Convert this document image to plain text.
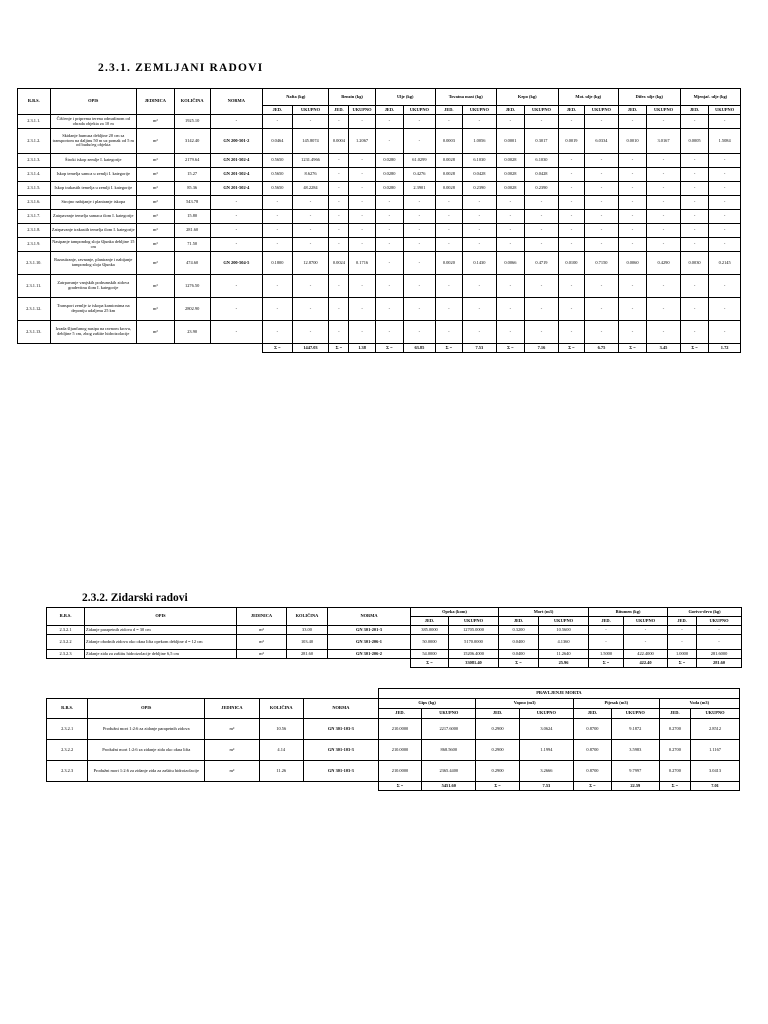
2.3.1. ZEMLJANI RADOVI
R.B.S.	OPIS	JEDINICA	KOLIČINA	NORMA	Nafta (kg)		Benzin (kg)		Ulje (kg)		Tovatna mast (kg)		Kepo (kg)		Mot. ulje (kg)		Difer. ulje (kg)		Mjenjač. ulje (kg)	
					JED.	UKUPNO	JED.	UKUPNO	JED.	UKUPNO	JED.	UKUPNO	JED.	UKUPNO	JED.	UKUPNO	JED.	UKUPNO	JED.	UKUPNO
2.3.1.1.	Čišćenje i priprema terena odmašinom od obrada objekta za 10 m	m²	1925.10	-	-	-	-	-	-	-	-	-	-	-	-	-	-	-	-	-
2.3.1.2.	Skidanje humusa debljine 20 cm sa transportom na daljinu 50 m uz pomak od 5 m od budućeg objekta	m²	3142.40	GN 200-501-2	0.0464	145.8074	0.0004	1.2067	-	-	0.0003	1.0056	0.0001	0.3017	0.0019	6.0334	0.0010	3.0167	0.0005	1.5084
2.3.1.3.	Široki iskop zemlje I. kategorije	m³	2179.64	GN 201-502-4	0.5650	1231.4966	-	-	0.0280	61.0299	0.0028	6.1030	0.0028	6.1030	-	-	-	-	-	-
2.3.1.4.	Iskop temelja samca u zemlji I. kategorije	m³	15.27	GN 201-502-4	0.5650	8.6276	-	-	0.0280	0.4276	0.0028	0.0428	0.0028	0.0428	-	-	-	-	-	-
2.3.1.5.	Iskop trakastih temelja u zemlji I. kategorije	m³	85.36	GN 201-502-4	0.5650	48.2284	-	-	0.0280	2.3901	0.0028	0.2390	0.0028	0.2390	-	-	-	-	-	-
2.3.1.6.	Strojno nabijanje i planiranje iskopa	m²	543.78	-	-	-	-	-	-	-	-	-	-	-	-	-	-	-	-	-
2.3.1.7.	Zatrpavanje temelja samaca tlom I. kategorije	m³	15.80	-	-	-	-	-	-	-	-	-	-	-	-	-	-	-	-	-
2.3.1.8.	Zatrpavanje trakastih temelja tlom I. kategorije	m³	281.60	-	-	-	-	-	-	-	-	-	-	-	-	-	-	-	-	-
2.3.1.9.	Nasipanje tampondog sloja šljunka debljine 15 cm	m³	71.50	-	-	-	-	-	-	-	-	-	-	-	-	-	-	-	-	-
2.3.1.10.	Razastiranje, ravnanje, planiranje i nabijanje tampondog sloja šljunka	m²	474.60	GN 200-504-5	0.1800	12.8700	0.0024	0.1716	-	-	0.0020	0.1430	0.0066	0.4719	0.0100	0.7150	0.0060	0.4290	0.0030	0.2145
2.3.1.11.	Zatrpavanje vanjskih podrumskih zidova gradevitnu tlom I. kategorije	m³	1276.50	-	-	-	-	-	-	-	-	-	-	-	-	-	-	-	-	-
2.3.1.12.	Transport zemlje iz iskopa kamionima na deponiju udaljenu 25 km	m³	2802.90	-	-	-	-	-	-	-	-	-	-	-	-	-	-	-	-	-
2.3.1.13.	Izrada šljunčanog nasipa na ravnom krovu, debljine 5 cm, zbog zaštite hidroizolacije	m²	23.90	-	-	-	-	-	-	-	-	-	-	-	-	-	-	-	-	-
					Σ =	1447.03	Σ =	1.38	Σ =	63.85	Σ =	7.53	Σ =	7.16	Σ =	6.75	Σ =	3.45	Σ =	1.72
2.3.2. Zidarski radovi
R.B.S.	OPIS	JEDINICA	KOLIČINA	NORMA	Opeka (kom)		Mort (m3)		Bitumen (kg)		Gorivo-drvo (kg)	
					JED.	UKUPNO	JED.	UKUPNO	JED.	UKUPNO	JED.	UKUPNO
2.3.2.1	Zidanje parapetnih zidova d = 30 cm	m²	33.00	GN 301-201-3	385.0000	12705.0000	0.3200	10.5600	-	-	-	-
2.3.2.2	Zidanje obodnih zidova oko okna lifta opekom debljine d = 12 cm	m²	103.40	GN 301-206-1	50.0000	5170.0000	0.0400	4.1360	-	-	-	-
2.3.2.3	Zidanje zida za zaštitu hidroizolacije debljine 6,5 cm	m²	281.60	GN 301-206-2	54.0000	15206.4000	0.0400	11.2640	1.5000	422.4000	1.0000	281.6000
					Σ =	33081.40	Σ =	25.96	Σ =	422.40	Σ =	281.60
					PRAVLJENJE MORTA							
R.B.S.	OPIS	JEDINICA	KOLIČINA	NORMA	Gips (kg)		Vapno (m3)		Pijesak (m3)		Voda (m3)	
					JED.	UKUPNO	JED.	UKUPNO	JED.	UKUPNO	JED.	UKUPNO
2.3.2.1	Produžni mort 1:2:6 za zidanje parapetnih zidova	m³	10.56	GN 301-103-3	210.0000	2217.6000	0.2900	3.0624	0.8700	9.1872	0.2700	2.8512
2.3.2.2	Produžni mort 1:2:6 za zidanje zida oko okna lifta	m³	4.14	GN 301-103-3	210.0000	868.5600	0.2900	1.1994	0.8700	3.5983	0.2700	1.1167
2.3.2.3	Produžni mort 1:2:6 za zidanje zida za zaštitu hidroizolacije	m³	11.26	GN 301-103-3	210.0000	2365.4400	0.2900	3.2666	0.8700	9.7997	0.2700	3.0413
					Σ =	5451.60	Σ =	7.53	Σ =	22.59	Σ =	7.01
